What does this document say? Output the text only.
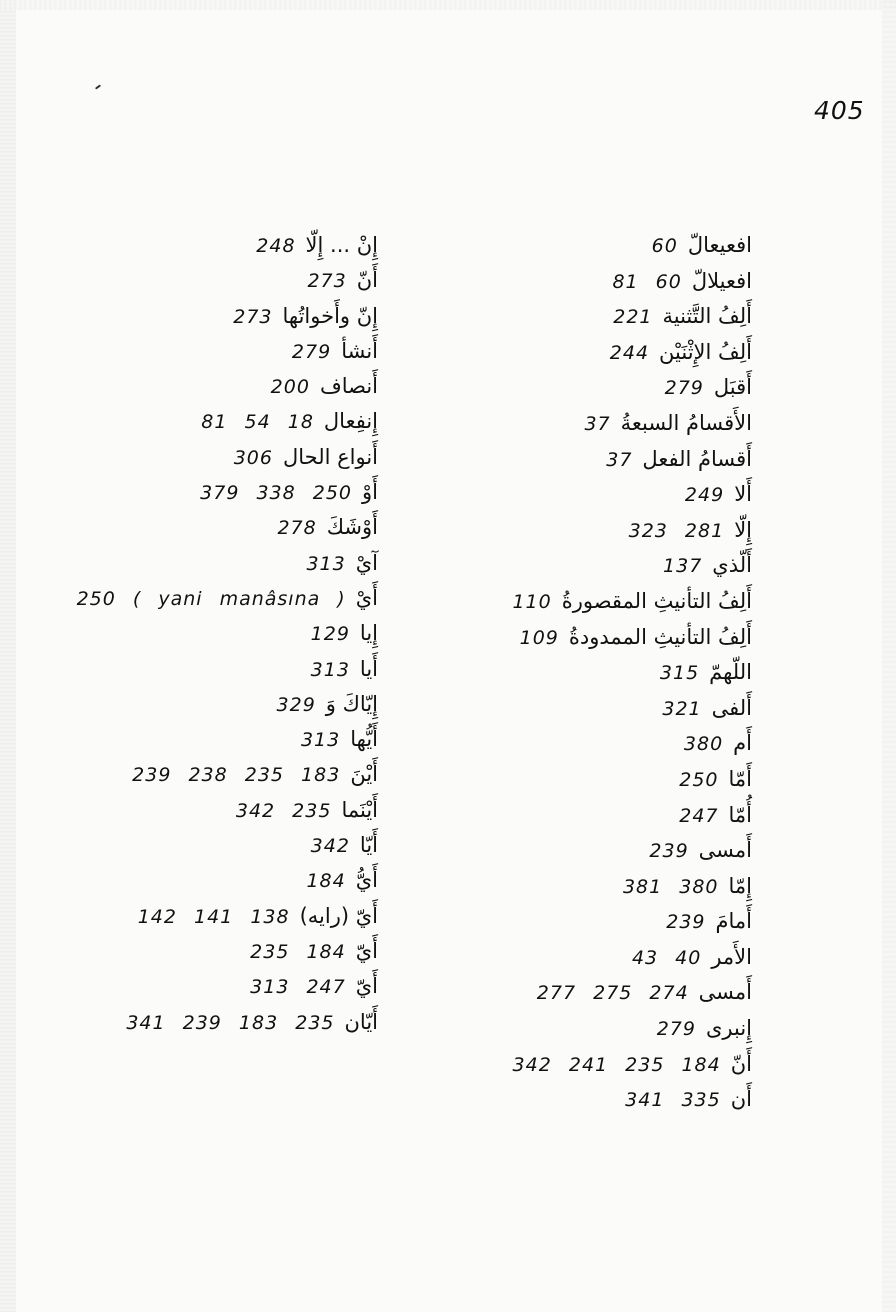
405
60 افعيعالّ
81 60 افعيلالّ
221 أَلِفُ التَّثنية
244 أَلِفُ الإِثْنَيْن
279 أَقبَل
37 الأَقسامُ السبعةُ
37 أَقسامُ الفعل
249 أَلا
323 281 إِلّا
137 أَلّذي
110 أَلِفُ التأنيثِ المقصورةُ
109 أَلِفُ التأنيثِ الممدودةُ
315 اللّهمّ
321 أَلفى
380 أَم
250 أَمّا
247 أُمّا
239 أَمسى
381 380 إِمّا
239 أَمامَ
43 40 الأَمر
277 275 274 أَمسى
279 إِنبرى
342 241 235 184 أَنّ
341 335 أَن
248 إِنْ ... إِلّا
273 أَنّ
273 إِنّ وأَخواتُها
279 أَنشأ
200 أَنصاف
81 54 18 إِنفِعال
306 أَنواع الحال
379 338 250 أَوْ
278 أَوْشَكَ
313 آيْ
250 ( yani manâsına ) أَيْ
129 إِيا
313 أَيا
329 إِيّاكَ وَ
313 أَيُّها
239 238 235 183 أَيْنَ
342 235 أَيْنَما
342 أَيّا
184 أَيُّ
142 141 138 أَيّ (رايه)
235 184 أَيّ
313 247 أَيّ
341 239 183 235 أَيّان
